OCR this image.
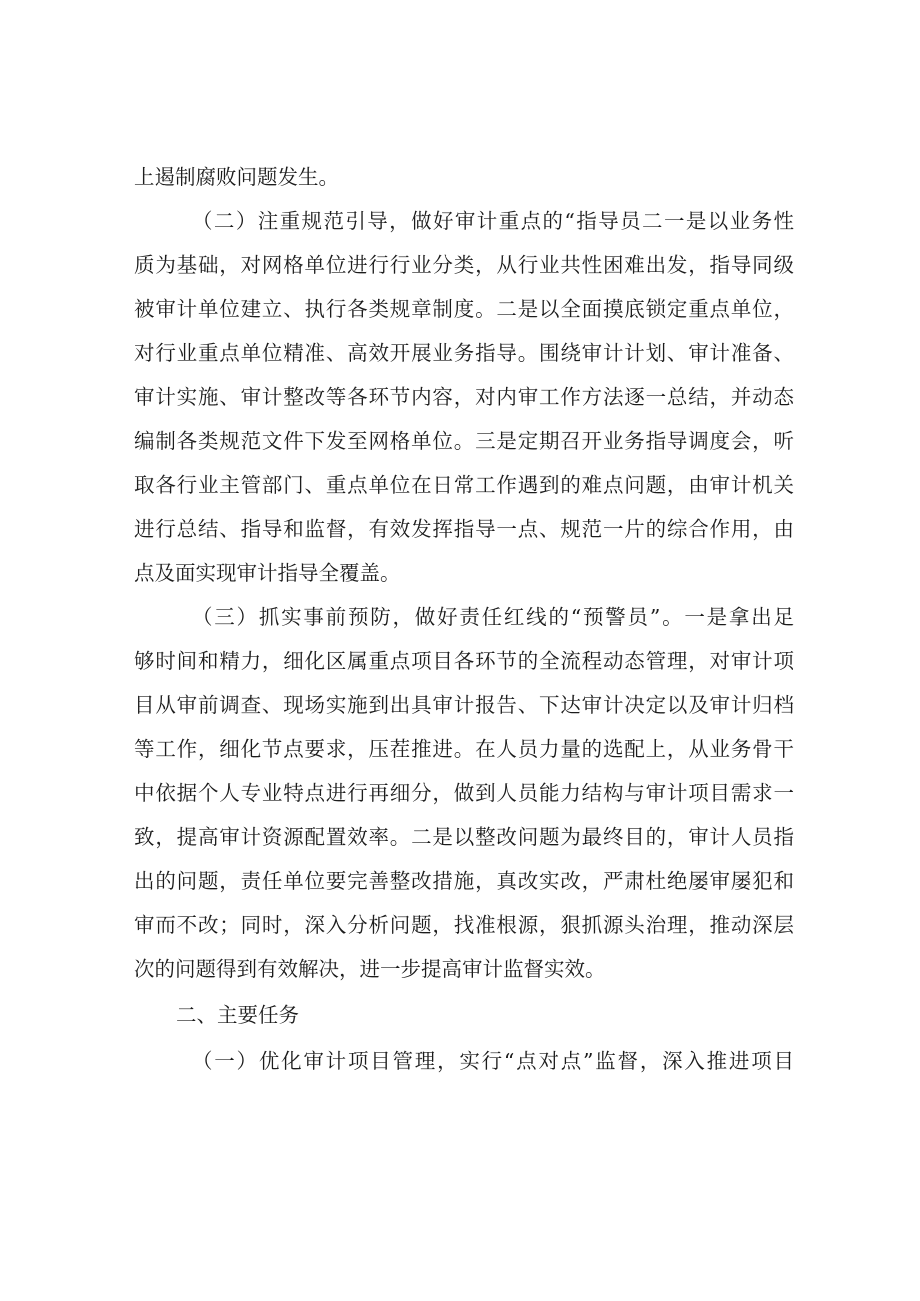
上遏制腐败问题发生。
（二）注重规范引导，做好审计重点的“指导员二一是以业务性
质为基础，对网格单位进行行业分类，从行业共性困难出发，指导同级
被审计单位建立、执行各类规章制度。二是以全面摸底锁定重点单位，
对行业重点单位精准、高效开展业务指导。围绕审计计划、审计准备、
审计实施、审计整改等各环节内容，对内审工作方法逐一总结，并动态
编制各类规范文件下发至网格单位。三是定期召开业务指导调度会，听
取各行业主管部门、重点单位在日常工作遇到的难点问题，由审计机关
进行总结、指导和监督，有效发挥指导一点、规范一片的综合作用，由
点及面实现审计指导全覆盖。
（三）抓实事前预防，做好责任红线的“预警员”。一是拿出足
够时间和精力，细化区属重点项目各环节的全流程动态管理，对审计项
目从审前调查、现场实施到出具审计报告、下达审计决定以及审计归档
等工作，细化节点要求，压茬推进。在人员力量的选配上，从业务骨干
中依据个人专业特点进行再细分，做到人员能力结构与审计项目需求一
致，提高审计资源配置效率。二是以整改问题为最终目的，审计人员指
出的问题，责任单位要完善整改措施，真改实改，严肃杜绝屡审屡犯和
审而不改；同时，深入分析问题，找准根源，狠抓源头治理，推动深层
次的问题得到有效解决，进一步提高审计监督实效。
二、主要任务
（一）优化审计项目管理，实行“点对点”监督，深入推进项目
